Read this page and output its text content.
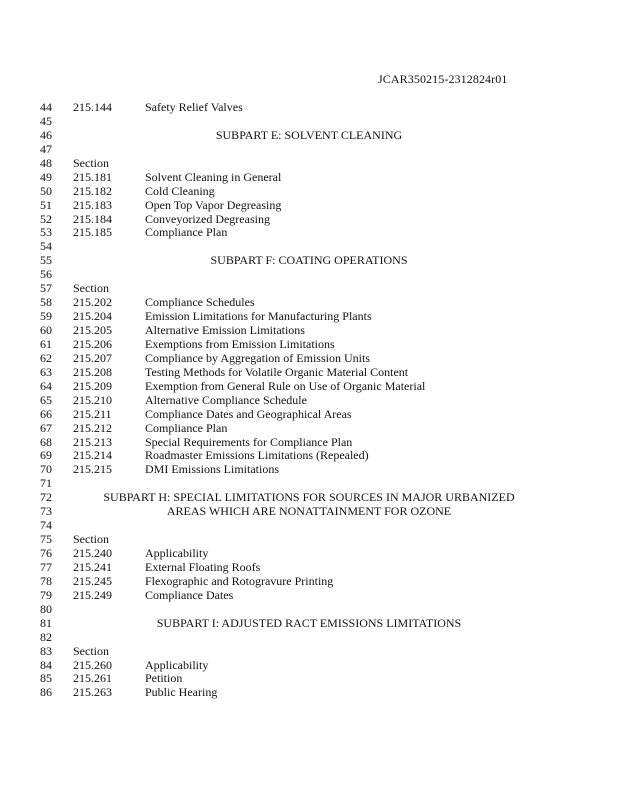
JCAR350215-2312824r01
44	215.144	Safety Relief Valves
45
46	SUBPART E: SOLVENT CLEANING
47
48	Section
49	215.181	Solvent Cleaning in General
50	215.182	Cold Cleaning
51	215.183	Open Top Vapor Degreasing
52	215.184	Conveyorized Degreasing
53	215.185	Compliance Plan
54
55	SUBPART F: COATING OPERATIONS
56
57	Section
58	215.202	Compliance Schedules
59	215.204	Emission Limitations for Manufacturing Plants
60	215.205	Alternative Emission Limitations
61	215.206	Exemptions from Emission Limitations
62	215.207	Compliance by Aggregation of Emission Units
63	215.208	Testing Methods for Volatile Organic Material Content
64	215.209	Exemption from General Rule on Use of Organic Material
65	215.210	Alternative Compliance Schedule
66	215.211	Compliance Dates and Geographical Areas
67	215.212	Compliance Plan
68	215.213	Special Requirements for Compliance Plan
69	215.214	Roadmaster Emissions Limitations (Repealed)
70	215.215	DMI Emissions Limitations
71
72	SUBPART H: SPECIAL LIMITATIONS FOR SOURCES IN MAJOR URBANIZED
73	AREAS WHICH ARE NONATTAINMENT FOR OZONE
74
75	Section
76	215.240	Applicability
77	215.241	External Floating Roofs
78	215.245	Flexographic and Rotogravure Printing
79	215.249	Compliance Dates
80
81	SUBPART I: ADJUSTED RACT EMISSIONS LIMITATIONS
82
83	Section
84	215.260	Applicability
85	215.261	Petition
86	215.263	Public Hearing
